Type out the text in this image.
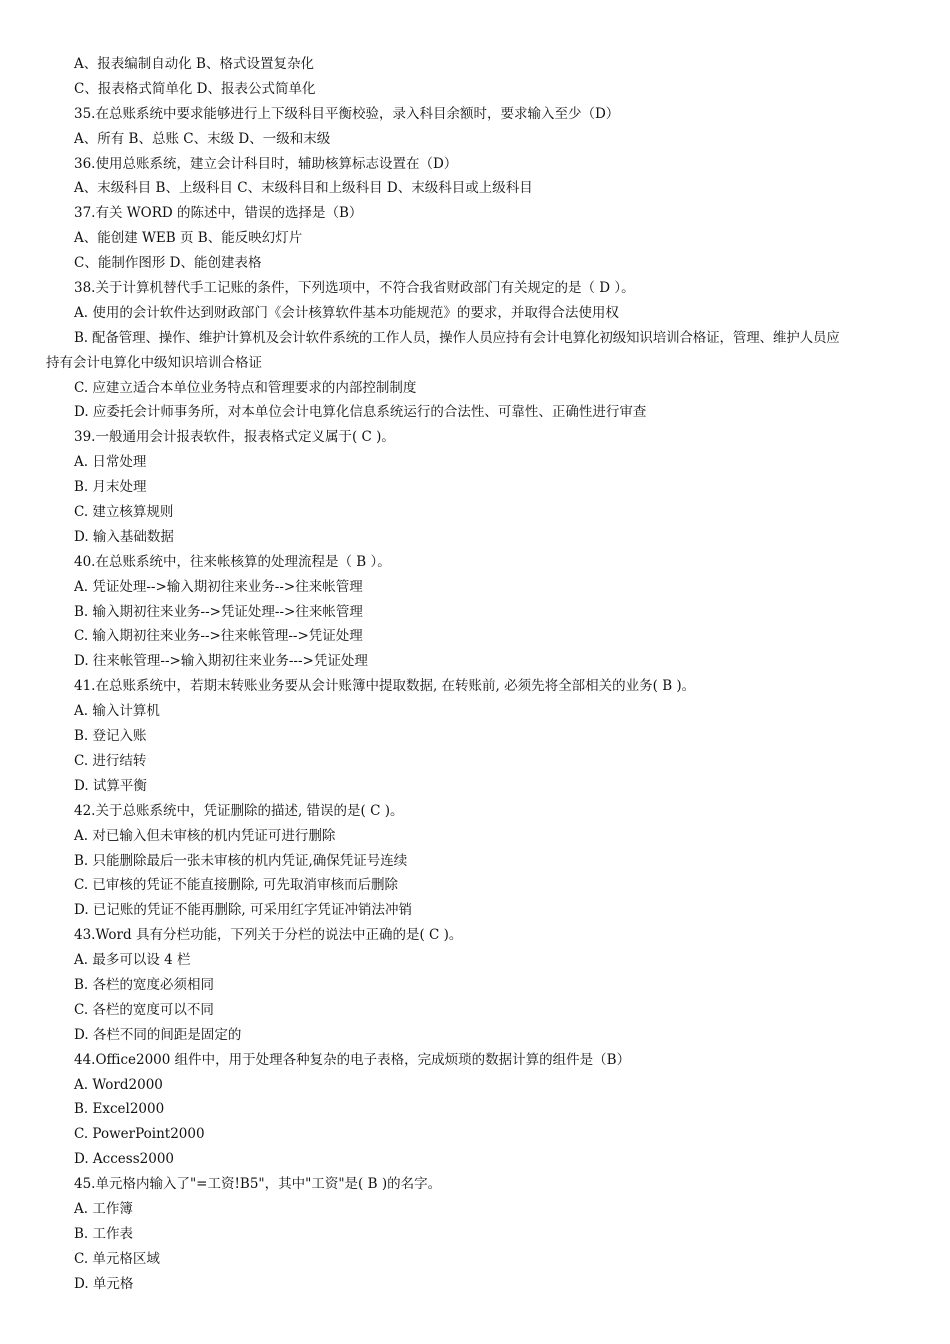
A、报表编制自动化 B、格式设置复杂化
C、报表格式简单化 D、报表公式简单化
35.在总账系统中要求能够进行上下级科目平衡校验，录入科目余额时，要求输入至少（D）
A、所有 B、总账 C、末级 D、一级和末级
36.使用总账系统，建立会计科目时，辅助核算标志设置在（D）
A、末级科目 B、上级科目 C、末级科目和上级科目 D、末级科目或上级科目
37.有关 WORD 的陈述中，错误的选择是（B）
A、能创建 WEB 页 B、能反映幻灯片
C、能制作图形 D、能创建表格
38.关于计算机替代手工记账的条件，下列选项中，不符合我省财政部门有关规定的是（ D ）。
A. 使用的会计软件达到财政部门《会计核算软件基本功能规范》的要求，并取得合法使用权
B. 配备管理、操作、维护计算机及会计软件系统的工作人员，操作人员应持有会计电算化初级知识培训合格证，管理、维护人员应
持有会计电算化中级知识培训合格证
C. 应建立适合本单位业务特点和管理要求的内部控制制度
D. 应委托会计师事务所，对本单位会计电算化信息系统运行的合法性、可靠性、正确性进行审查
39.一般通用会计报表软件，报表格式定义属于( C )。
A. 日常处理
B. 月末处理
C. 建立核算规则
D. 输入基础数据
40.在总账系统中，往来帐核算的处理流程是（ B ）。
A. 凭证处理-->输入期初往来业务-->往来帐管理
B. 输入期初往来业务-->凭证处理-->往来帐管理
C. 输入期初往来业务-->往来帐管理-->凭证处理
D. 往来帐管理-->输入期初往来业务--->凭证处理
41.在总账系统中，若期末转账业务要从会计账簿中提取数据, 在转账前, 必须先将全部相关的业务( B )。
A. 输入计算机
B. 登记入账
C. 进行结转
D. 试算平衡
42.关于总账系统中，凭证删除的描述, 错误的是( C )。
A. 对已输入但未审核的机内凭证可进行删除
B. 只能删除最后一张未审核的机内凭证,确保凭证号连续
C. 已审核的凭证不能直接删除, 可先取消审核而后删除
D. 已记账的凭证不能再删除, 可采用红字凭证冲销法冲销
43.Word 具有分栏功能，下列关于分栏的说法中正确的是( C )。
A. 最多可以设 4 栏
B. 各栏的宽度必须相同
C. 各栏的宽度可以不同
D. 各栏不同的间距是固定的
44.Office2000 组件中，用于处理各种复杂的电子表格，完成烦琐的数据计算的组件是（B）
A. Word2000
B. Excel2000
C. PowerPoint2000
D. Access2000
45.单元格内输入了"=工资!B5"，其中"工资"是( B )的名字。
A. 工作簿
B. 工作表
C. 单元格区域
D. 单元格
